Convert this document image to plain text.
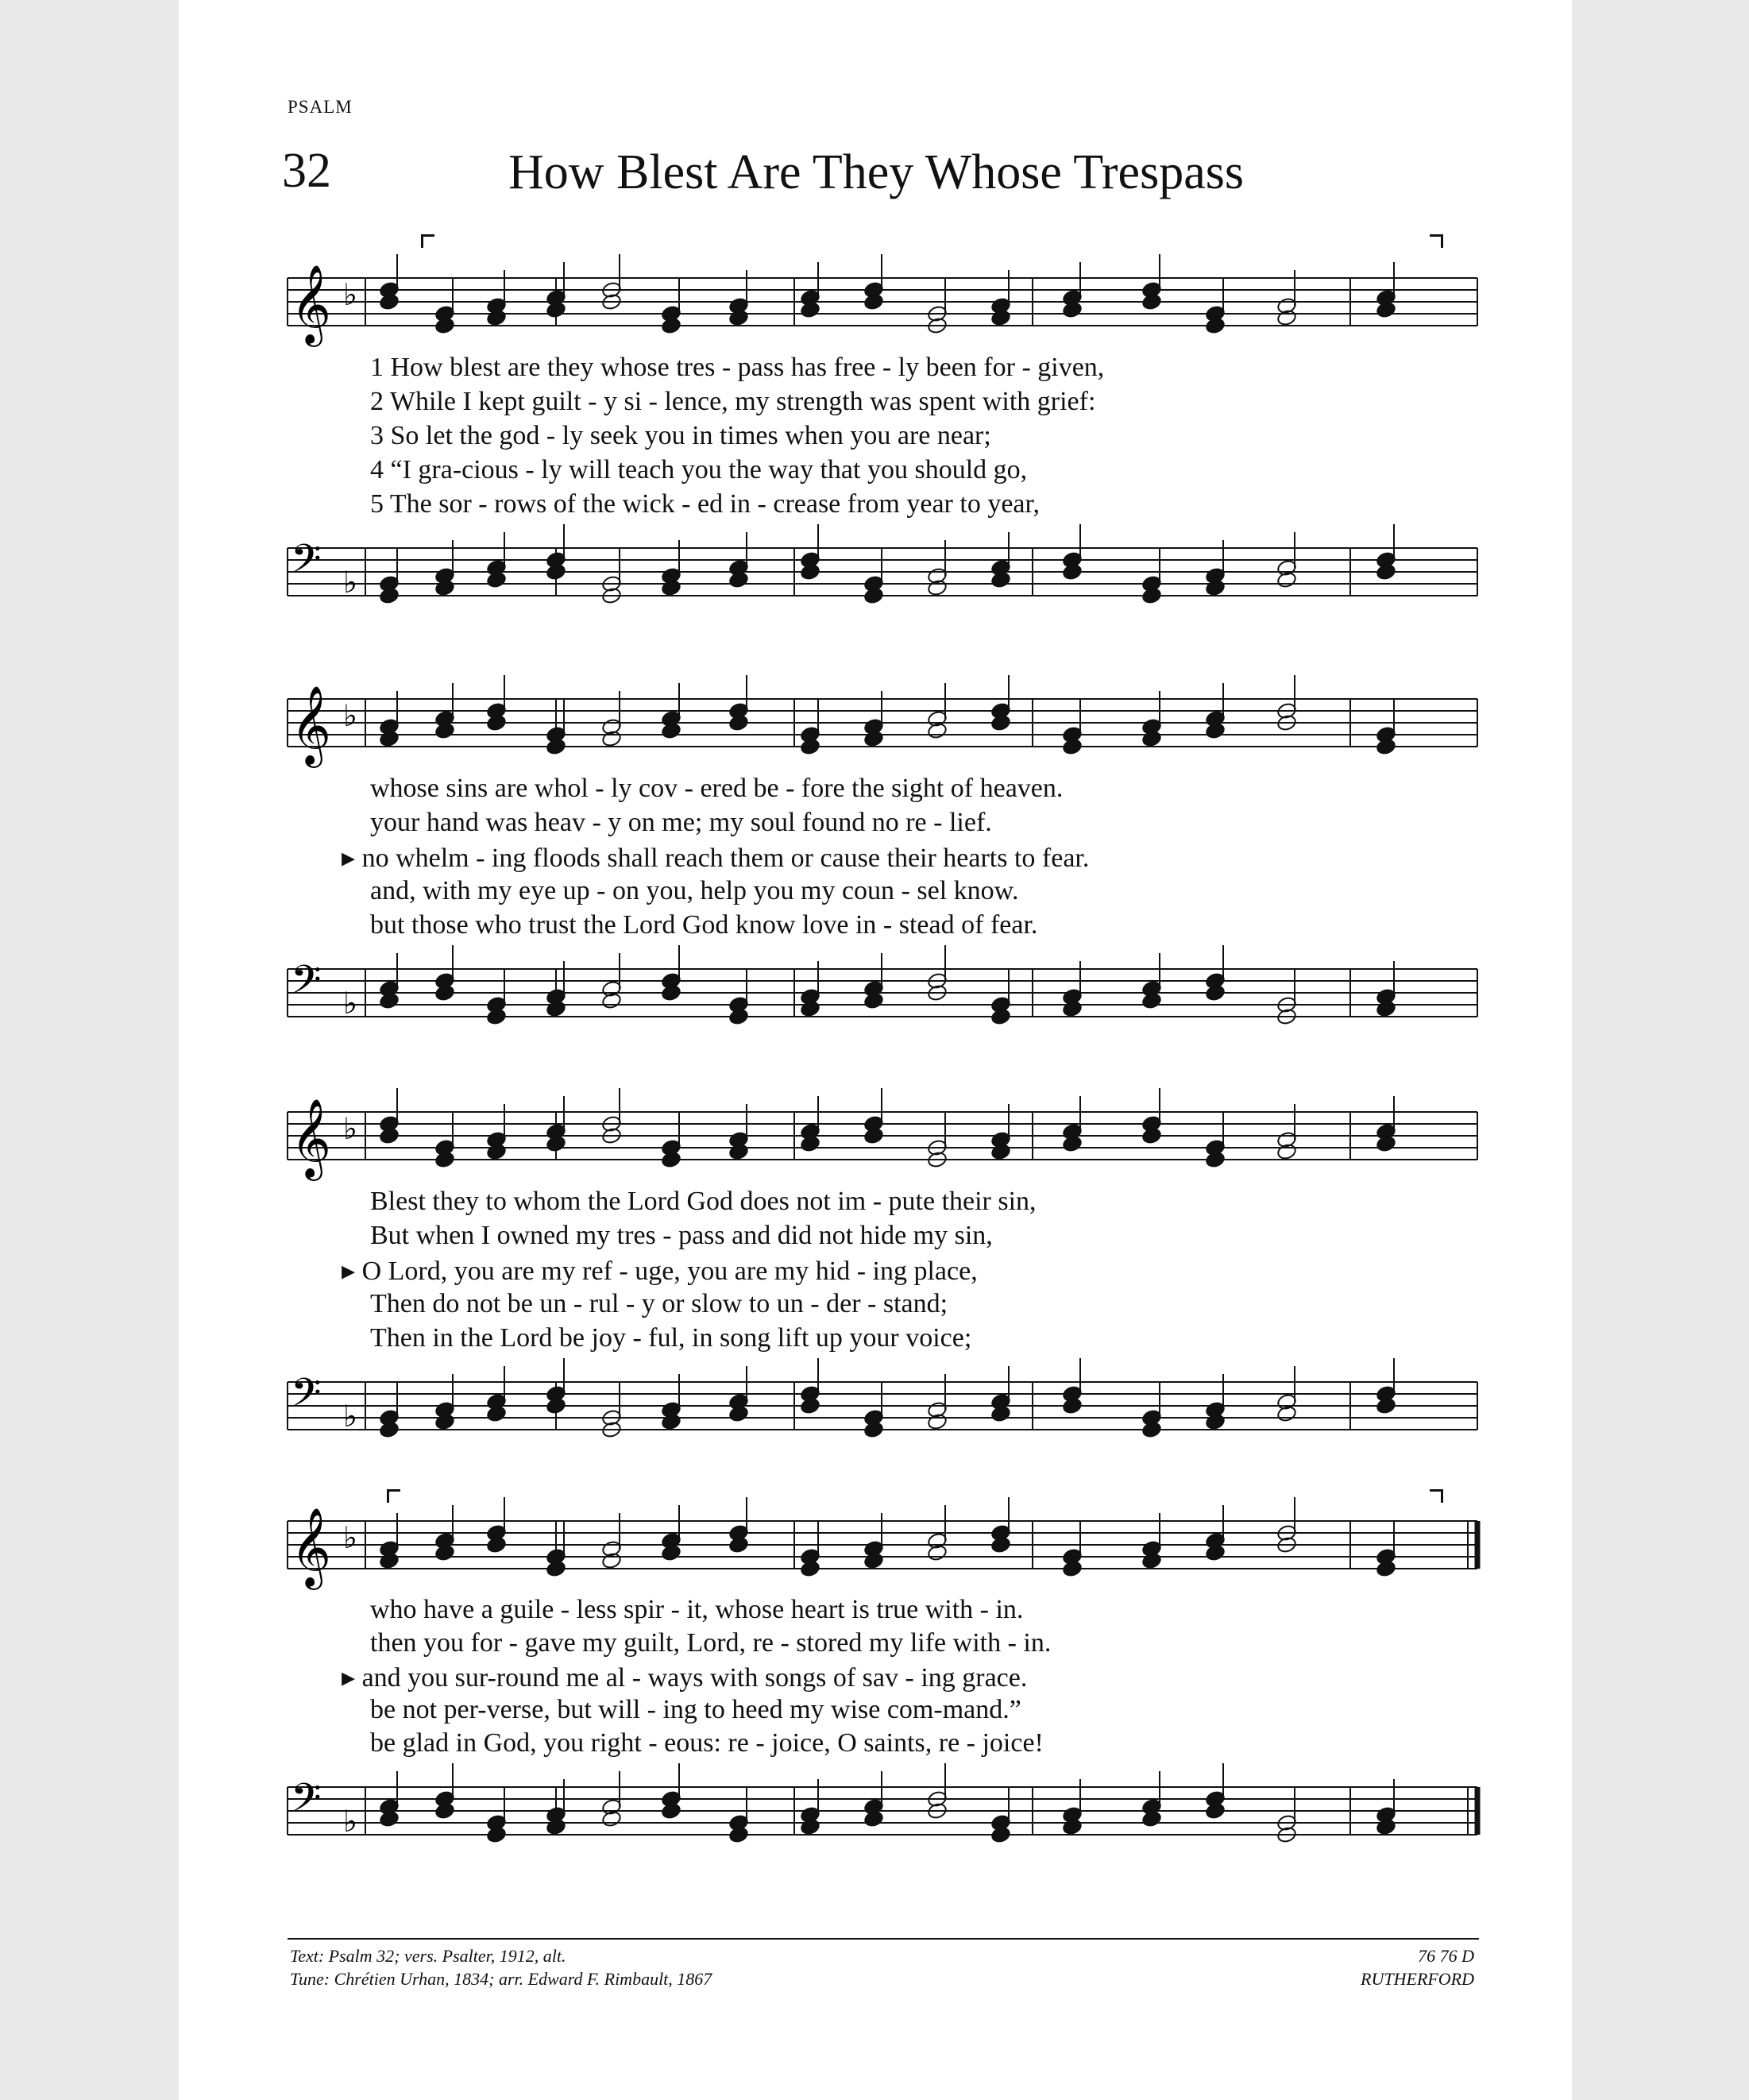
PSALM
32	How Blest Are They Whose Trespass
𝄞 ♭
1 How blest are they whose tres - pass has free - ly been for - given,
2 While I kept guilt - y si - lence, my strength was spent with grief:
3 So let the god - ly seek you in times when you are near;
4 “I gra-cious - ly will teach you the way that you should go,
5 The sor - rows of the wick - ed in - crease from year to year,
𝄢 ♭
𝄞 ♭
whose sins are whol - ly cov - ered be - fore the sight of heaven.
your hand was heav - y on me; my soul found no re - lief.
▸ no whelm - ing floods shall reach them or cause their hearts to fear.
and, with my eye up - on you, help you my coun - sel know.
but those who trust the Lord God know love in - stead of fear.
𝄢 ♭
𝄞 ♭
Blest they to whom the Lord God does not im - pute their sin,
But when I owned my tres - pass and did not hide my sin,
▸ O Lord, you are my ref - uge, you are my hid - ing place,
Then do not be un - rul - y or slow to un - der - stand;
Then in the Lord be joy - ful, in song lift up your voice;
𝄢 ♭
𝄞 ♭
who have a guile - less spir - it, whose heart is true with - in.
then you for - gave my guilt, Lord, re - stored my life with - in.
▸ and you sur-round me al - ways with songs of sav - ing grace.
be not per-verse, but will - ing to heed my wise com-mand.”
be glad in God, you right - eous: re - joice, O saints, re - joice!
𝄢 ♭
Text: Psalm 32; vers. Psalter, 1912, alt.
Tune: Chrétien Urhan, 1834; arr. Edward F. Rimbault, 1867
76 76 D
RUTHERFORD
